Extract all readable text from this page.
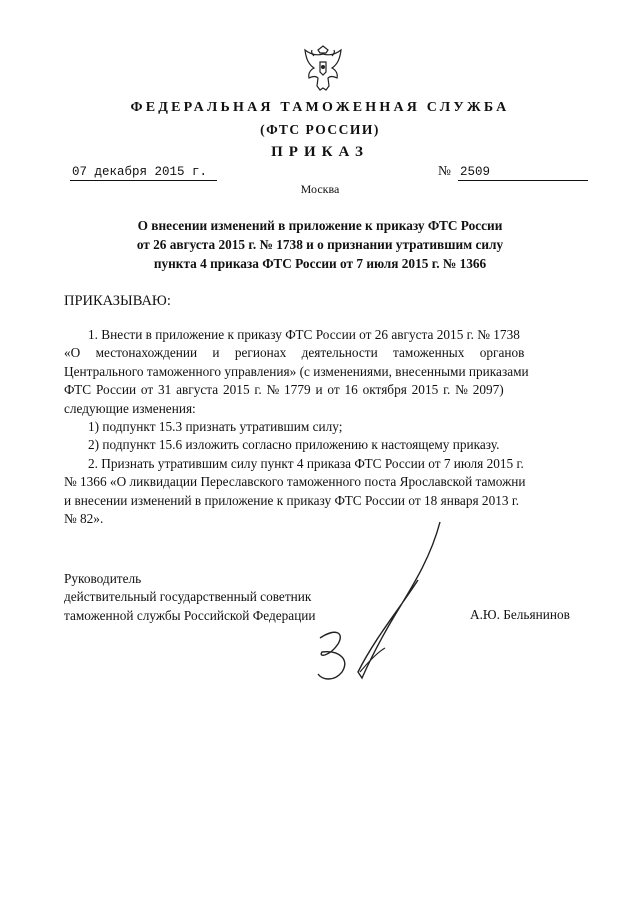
ФЕДЕРАЛЬНАЯ ТАМОЖЕННАЯ СЛУЖБА
(ФТС РОССИИ)
ПРИКАЗ
07 декабря 2015 г.	№ 2509
Москва
О внесении изменений в приложение к приказу ФТС России
от 26 августа 2015 г. № 1738 и о признании утратившим силу
пункта 4 приказа ФТС России от 7 июля 2015 г. № 1366
ПРИКАЗЫВАЮ:
1. Внести в приложение к приказу ФТС России от 26 августа 2015 г. № 1738
«О местонахождении и регионах деятельности таможенных органов
Центрального таможенного управления» (с изменениями, внесенными приказами
ФТС России от 31 августа 2015 г. № 1779 и от 16 октября 2015 г. № 2097)
следующие изменения:
1) подпункт 15.3 признать утратившим силу;
2) подпункт 15.6 изложить согласно приложению к настоящему приказу.
2. Признать утратившим силу пункт 4 приказа ФТС России от 7 июля 2015 г.
№ 1366 «О ликвидации Переславского таможенного поста Ярославской таможни
и внесении изменений в приложение к приказу ФТС России от 18 января 2013 г.
№ 82».
Руководитель
действительный государственный советник
таможенной службы Российской Федерации	А.Ю. Бельянинов
